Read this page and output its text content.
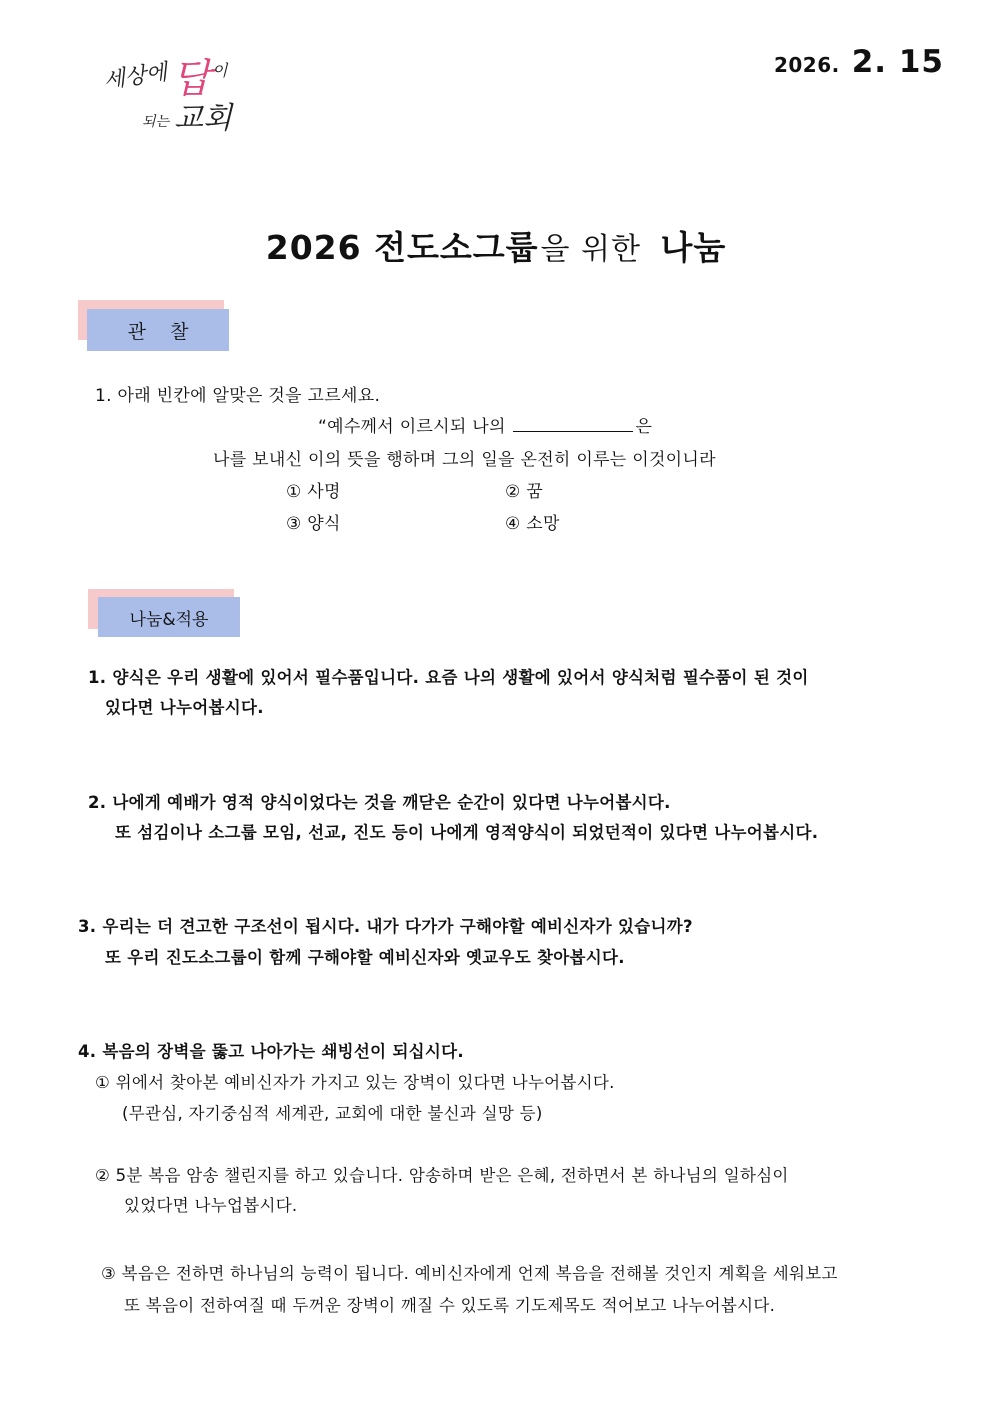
세상에 답 이
되는 교회
2026. 2. 15
2026 전도소그룹을 위한 나눔
관    찰
1. 아래 빈칸에 알맞은 것을 고르세요.
“예수께서 이르시되 나의	은
나를 보내신 이의 뜻을 행하며 그의 일을 온전히 이루는 이것이니라
① 사명	② 꿈
③ 양식	④ 소망
나눔&적용
1. 양식은 우리 생활에 있어서 필수품입니다. 요즘 나의 생활에 있어서 양식처럼 필수품이 된 것이
있다면 나누어봅시다.
2. 나에게 예배가 영적 양식이었다는 것을 깨닫은 순간이 있다면 나누어봅시다.
또 섬김이나 소그룹 모임, 선교, 진도 등이 나에게 영적양식이 되었던적이 있다면 나누어봅시다.
3. 우리는 더 견고한 구조선이 됩시다. 내가 다가가 구해야할 예비신자가 있습니까?
또 우리 진도소그룹이 함께 구해야할 예비신자와 옛교우도 찾아봅시다.
4. 복음의 장벽을 뚫고 나아가는 쇄빙선이 되십시다.
① 위에서 찾아본 예비신자가 가지고 있는 장벽이 있다면 나누어봅시다.
(무관심, 자기중심적 세계관, 교회에 대한 불신과 실망 등)
② 5분 복음 암송 챌린지를 하고 있습니다. 암송하며 받은 은혜, 전하면서 본 하나님의 일하심이
있었다면 나누업봅시다.
③ 복음은 전하면 하나님의 능력이 됩니다. 예비신자에게 언제 복음을 전해볼 것인지 계획을 세워보고
또 복음이 전하여질 때 두꺼운 장벽이 깨질 수 있도록 기도제목도 적어보고 나누어봅시다.
